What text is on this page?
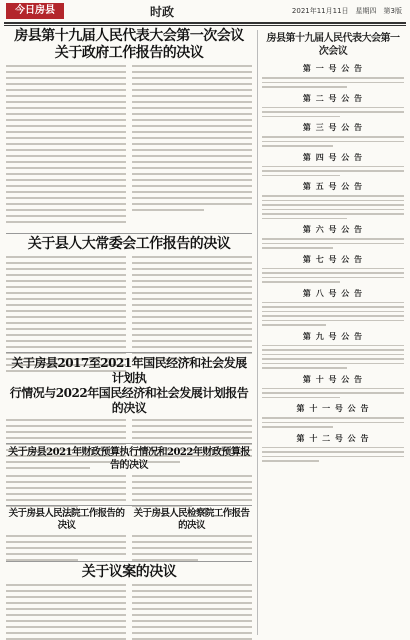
今日房县	时政	2021年11月11日　星期四　第3版
房县第十九届人民代表大会第一次会议
关于政府工作报告的决议
关于县人大常委会工作报告的决议
关于房县2017至2021年国民经济和社会发展计划执
行情况与2022年国民经济和社会发展计划报告的决议
关于房县2021年财政预算执行情况和2022年财政预算报告的决议
关于房县人民法院工作报告的决议
关于房县人民检察院工作报告的决议
关于议案的决议
房县第十九届人民代表大会第一次会议
第 一 号 公 告
第 二 号 公 告
第 三 号 公 告
第 四 号 公 告
第 五 号 公 告
第 六 号 公 告
第 七 号 公 告
第 八 号 公 告
第 九 号 公 告
第 十 号 公 告
第 十 一 号 公 告
第 十 二 号 公 告
